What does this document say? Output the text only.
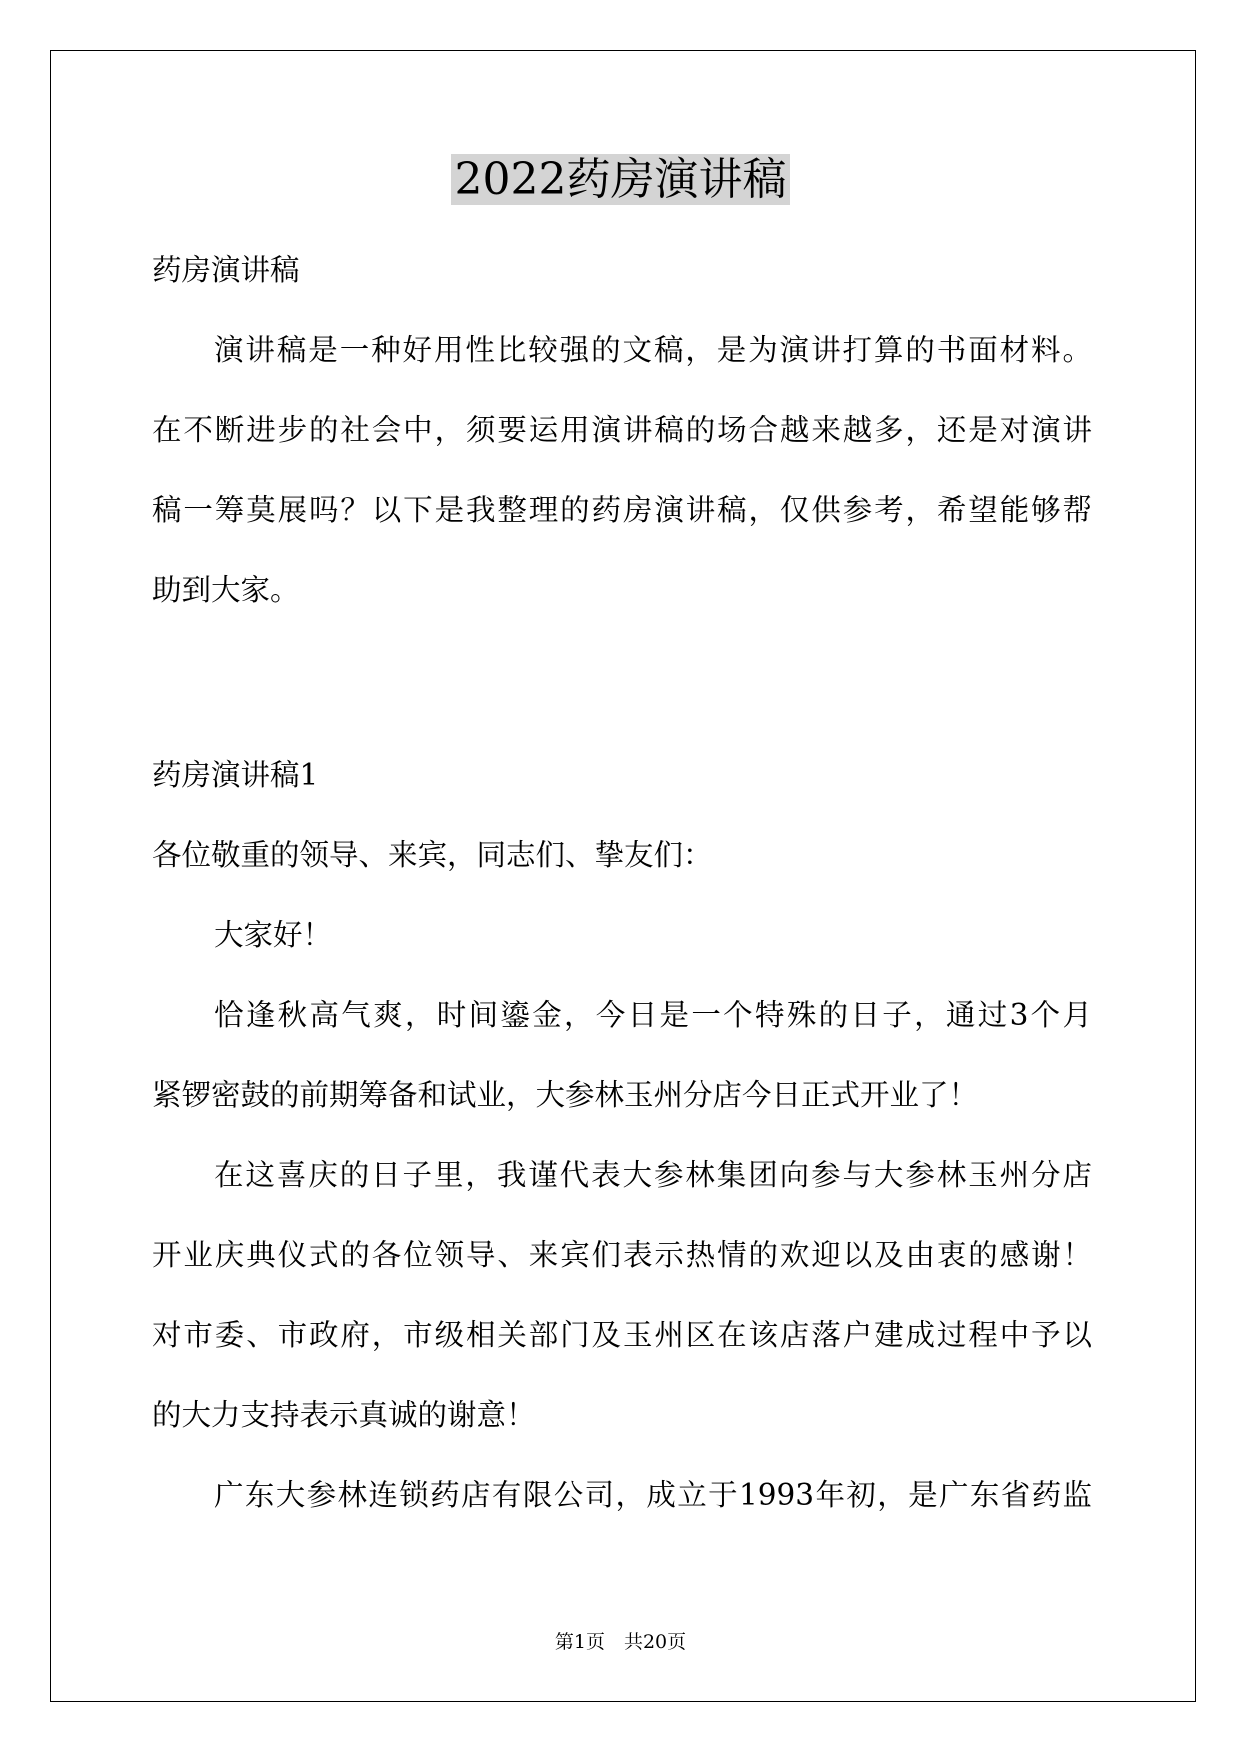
2022药房演讲稿
药房演讲稿
演讲稿是一种好用性比较强的文稿，是为演讲打算的书面材料。
在不断进步的社会中，须要运用演讲稿的场合越来越多，还是对演讲
稿一筹莫展吗？以下是我整理的药房演讲稿，仅供参考，希望能够帮
助到大家。
药房演讲稿1
各位敬重的领导、来宾，同志们、挚友们：
大家好！
恰逢秋高气爽，时间鎏金，今日是一个特殊的日子，通过3个月
紧锣密鼓的前期筹备和试业，大参林玉州分店今日正式开业了！
在这喜庆的日子里，我谨代表大参林集团向参与大参林玉州分店
开业庆典仪式的各位领导、来宾们表示热情的欢迎以及由衷的感谢！
对市委、市政府，市级相关部门及玉州区在该店落户建成过程中予以
的大力支持表示真诚的谢意！
广东大参林连锁药店有限公司，成立于1993年初，是广东省药监
第1页　共20页
